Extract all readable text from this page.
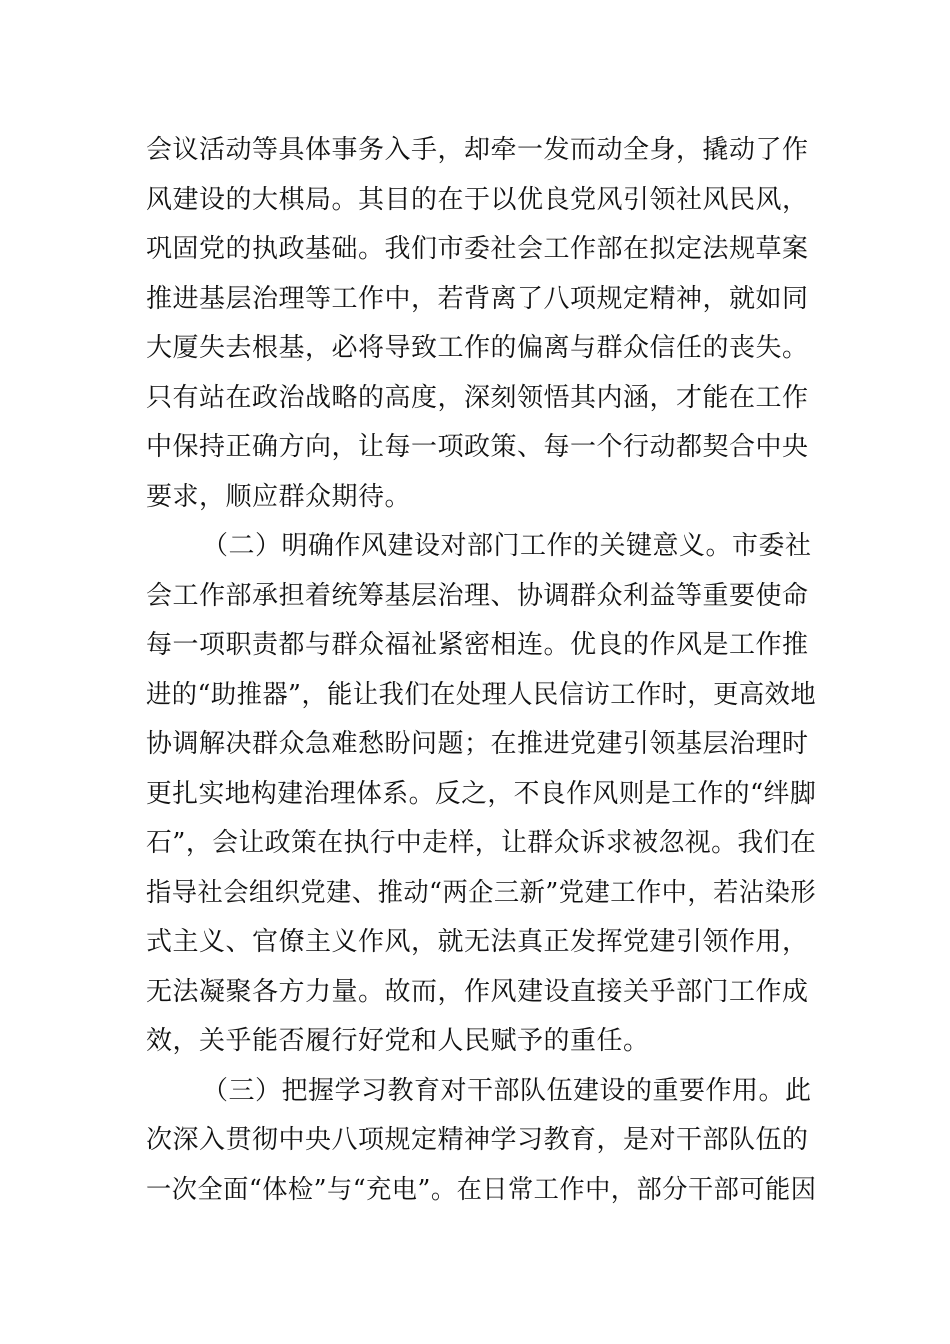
会议活动等具体事务入手，却牵一发而动全身，撬动了作
风建设的大棋局。其目的在于以优良党风引领社风民风，
巩固党的执政基础。我们市委社会工作部在拟定法规草案
推进基层治理等工作中，若背离了八项规定精神，就如同
大厦失去根基，必将导致工作的偏离与群众信任的丧失。
只有站在政治战略的高度，深刻领悟其内涵，才能在工作
中保持正确方向，让每一项政策、每一个行动都契合中央
要求，顺应群众期待。
（二）明确作风建设对部门工作的关键意义。市委社
会工作部承担着统筹基层治理、协调群众利益等重要使命
每一项职责都与群众福祉紧密相连。优良的作风是工作推
进的“助推器”，能让我们在处理人民信访工作时，更高效地
协调解决群众急难愁盼问题；在推进党建引领基层治理时
更扎实地构建治理体系。反之，不良作风则是工作的“绊脚
石”，会让政策在执行中走样，让群众诉求被忽视。我们在
指导社会组织党建、推动“两企三新”党建工作中，若沾染形
式主义、官僚主义作风，就无法真正发挥党建引领作用，
无法凝聚各方力量。故而，作风建设直接关乎部门工作成
效，关乎能否履行好党和人民赋予的重任。
（三）把握学习教育对干部队伍建设的重要作用。此
次深入贯彻中央八项规定精神学习教育，是对干部队伍的
一次全面“体检”与“充电”。在日常工作中，部分干部可能因
